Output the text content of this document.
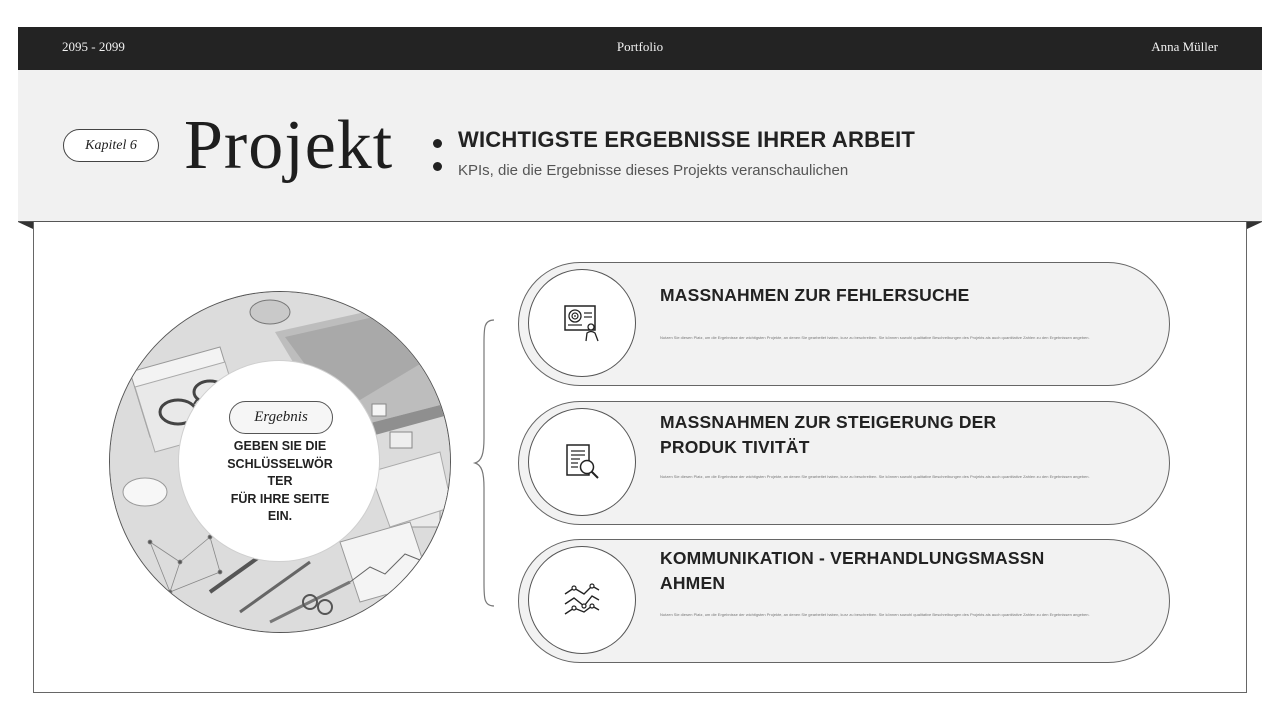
2095 - 2099	Portfolio	Anna Müller
Kapitel 6 Projekt	WICHTIGSTE ERGEBNISSE IHRER ARBEIT
KPIs, die die Ergebnisse dieses Projekts veranschaulichen
Ergebnis
GEBEN SIE DIE
SCHLÜSSELWÖR
TER
FÜR IHRE SEITE
EIN.
MASSNAHMEN ZUR FEHLERSUCHE
Nutzen Sie diesen Platz, um die Ergebnisse der wichtigsten Projekte, an denen Sie gearbeitet haben, kurz zu beschreiben. Sie können sowohl qualitative Beschreibungen des Projekts als auch quantitative Zahlen zu den Ergebnissen angeben.
MASSNAHMEN ZUR STEIGERUNG DER PRODUK TIVITÄT
Nutzen Sie diesen Platz, um die Ergebnisse der wichtigsten Projekte, an denen Sie gearbeitet haben, kurz zu beschreiben. Sie können sowohl qualitative Beschreibungen des Projekts als auch quantitative Zahlen zu den Ergebnissen angeben.
KOMMUNIKATION - VERHANDLUNGSMASSN AHMEN
Nutzen Sie diesen Platz, um die Ergebnisse der wichtigsten Projekte, an denen Sie gearbeitet haben, kurz zu beschreiben. Sie können sowohl qualitative Beschreibungen des Projekts als auch quantitative Zahlen zu den Ergebnissen angeben.
